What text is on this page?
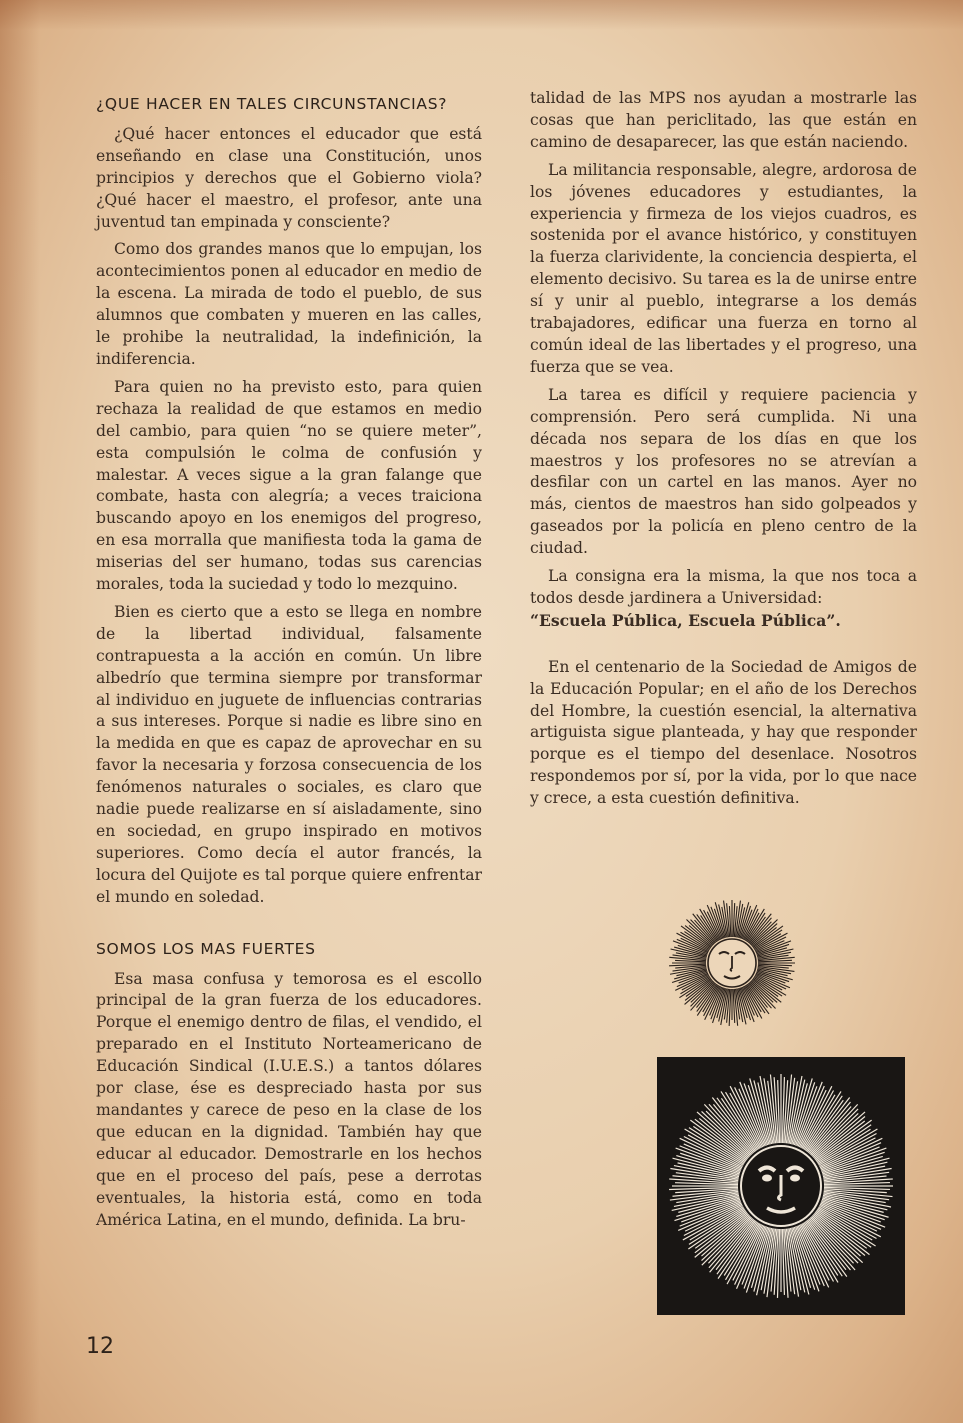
¿QUE HACER EN TALES CIRCUNSTANCIAS?

¿Qué hacer entonces el educador que está enseñando en clase una Constitución, unos principios y derechos que el Gobierno viola? ¿Qué hacer el maestro, el profesor, ante una juventud tan empinada y consciente?

Como dos grandes manos que lo empujan, los acontecimientos ponen al educador en medio de la escena. La mirada de todo el pueblo, de sus alumnos que combaten y mueren en las calles, le prohibe la neutralidad, la indefinición, la indiferencia.

Para quien no ha previsto esto, para quien rechaza la realidad de que estamos en medio del cambio, para quien “no se quiere meter”, esta compulsión le colma de confusión y malestar. A veces sigue a la gran falange que combate, hasta con alegría; a veces traiciona buscando apoyo en los enemigos del progreso, en esa morralla que manifiesta toda la gama de miserias del ser humano, todas sus carencias morales, toda la suciedad y todo lo mezquino.

Bien es cierto que a esto se llega en nombre de la libertad individual, falsamente contrapuesta a la acción en común. Un libre albedrío que termina siempre por transformar al individuo en juguete de influencias contrarias a sus intereses. Porque si nadie es libre sino en la medida en que es capaz de aprovechar en su favor la necesaria y forzosa consecuencia de los fenómenos naturales o sociales, es claro que nadie puede realizarse en sí aisladamente, sino en sociedad, en grupo inspirado en motivos superiores. Como decía el autor francés, la locura del Quijote es tal porque quiere enfrentar el mundo en soledad.

SOMOS LOS MAS FUERTES

Esa masa confusa y temorosa es el escollo principal de la gran fuerza de los educadores. Porque el enemigo dentro de filas, el vendido, el preparado en el Instituto Norteamericano de Educación Sindical (I.U.E.S.) a tantos dólares por clase, ése es despreciado hasta por sus mandantes y carece de peso en la clase de los que educan en la dignidad. También hay que educar al educador. Demostrarle en los hechos que en el proceso del país, pese a derrotas eventuales, la historia está, como en toda América Latina, en el mundo, definida. La bru-

talidad de las MPS nos ayudan a mostrarle las cosas que han periclitado, las que están en camino de desaparecer, las que están naciendo.

La militancia responsable, alegre, ardorosa de los jóvenes educadores y estudiantes, la experiencia y firmeza de los viejos cuadros, es sostenida por el avance histórico, y constituyen la fuerza clarividente, la conciencia despierta, el elemento decisivo. Su tarea es la de unirse entre sí y unir al pueblo, integrarse a los demás trabajadores, edificar una fuerza en torno al común ideal de las libertades y el progreso, una fuerza que se vea.

La tarea es difícil y requiere paciencia y comprensión. Pero será cumplida. Ni una década nos separa de los días en que los maestros y los profesores no se atrevían a desfilar con un cartel en las manos. Ayer no más, cientos de maestros han sido golpeados y gaseados por la policía en pleno centro de la ciudad.

La consigna era la misma, la que nos toca a todos desde jardinera a Universidad:
“Escuela Pública, Escuela Pública”.

En el centenario de la Sociedad de Amigos de la Educación Popular; en el año de los Derechos del Hombre, la cuestión esencial, la alternativa artiguista sigue planteada, y hay que responder porque es el tiempo del desenlace. Nosotros respondemos por sí, por la vida, por lo que nace y crece, a esta cuestión definitiva.

12
